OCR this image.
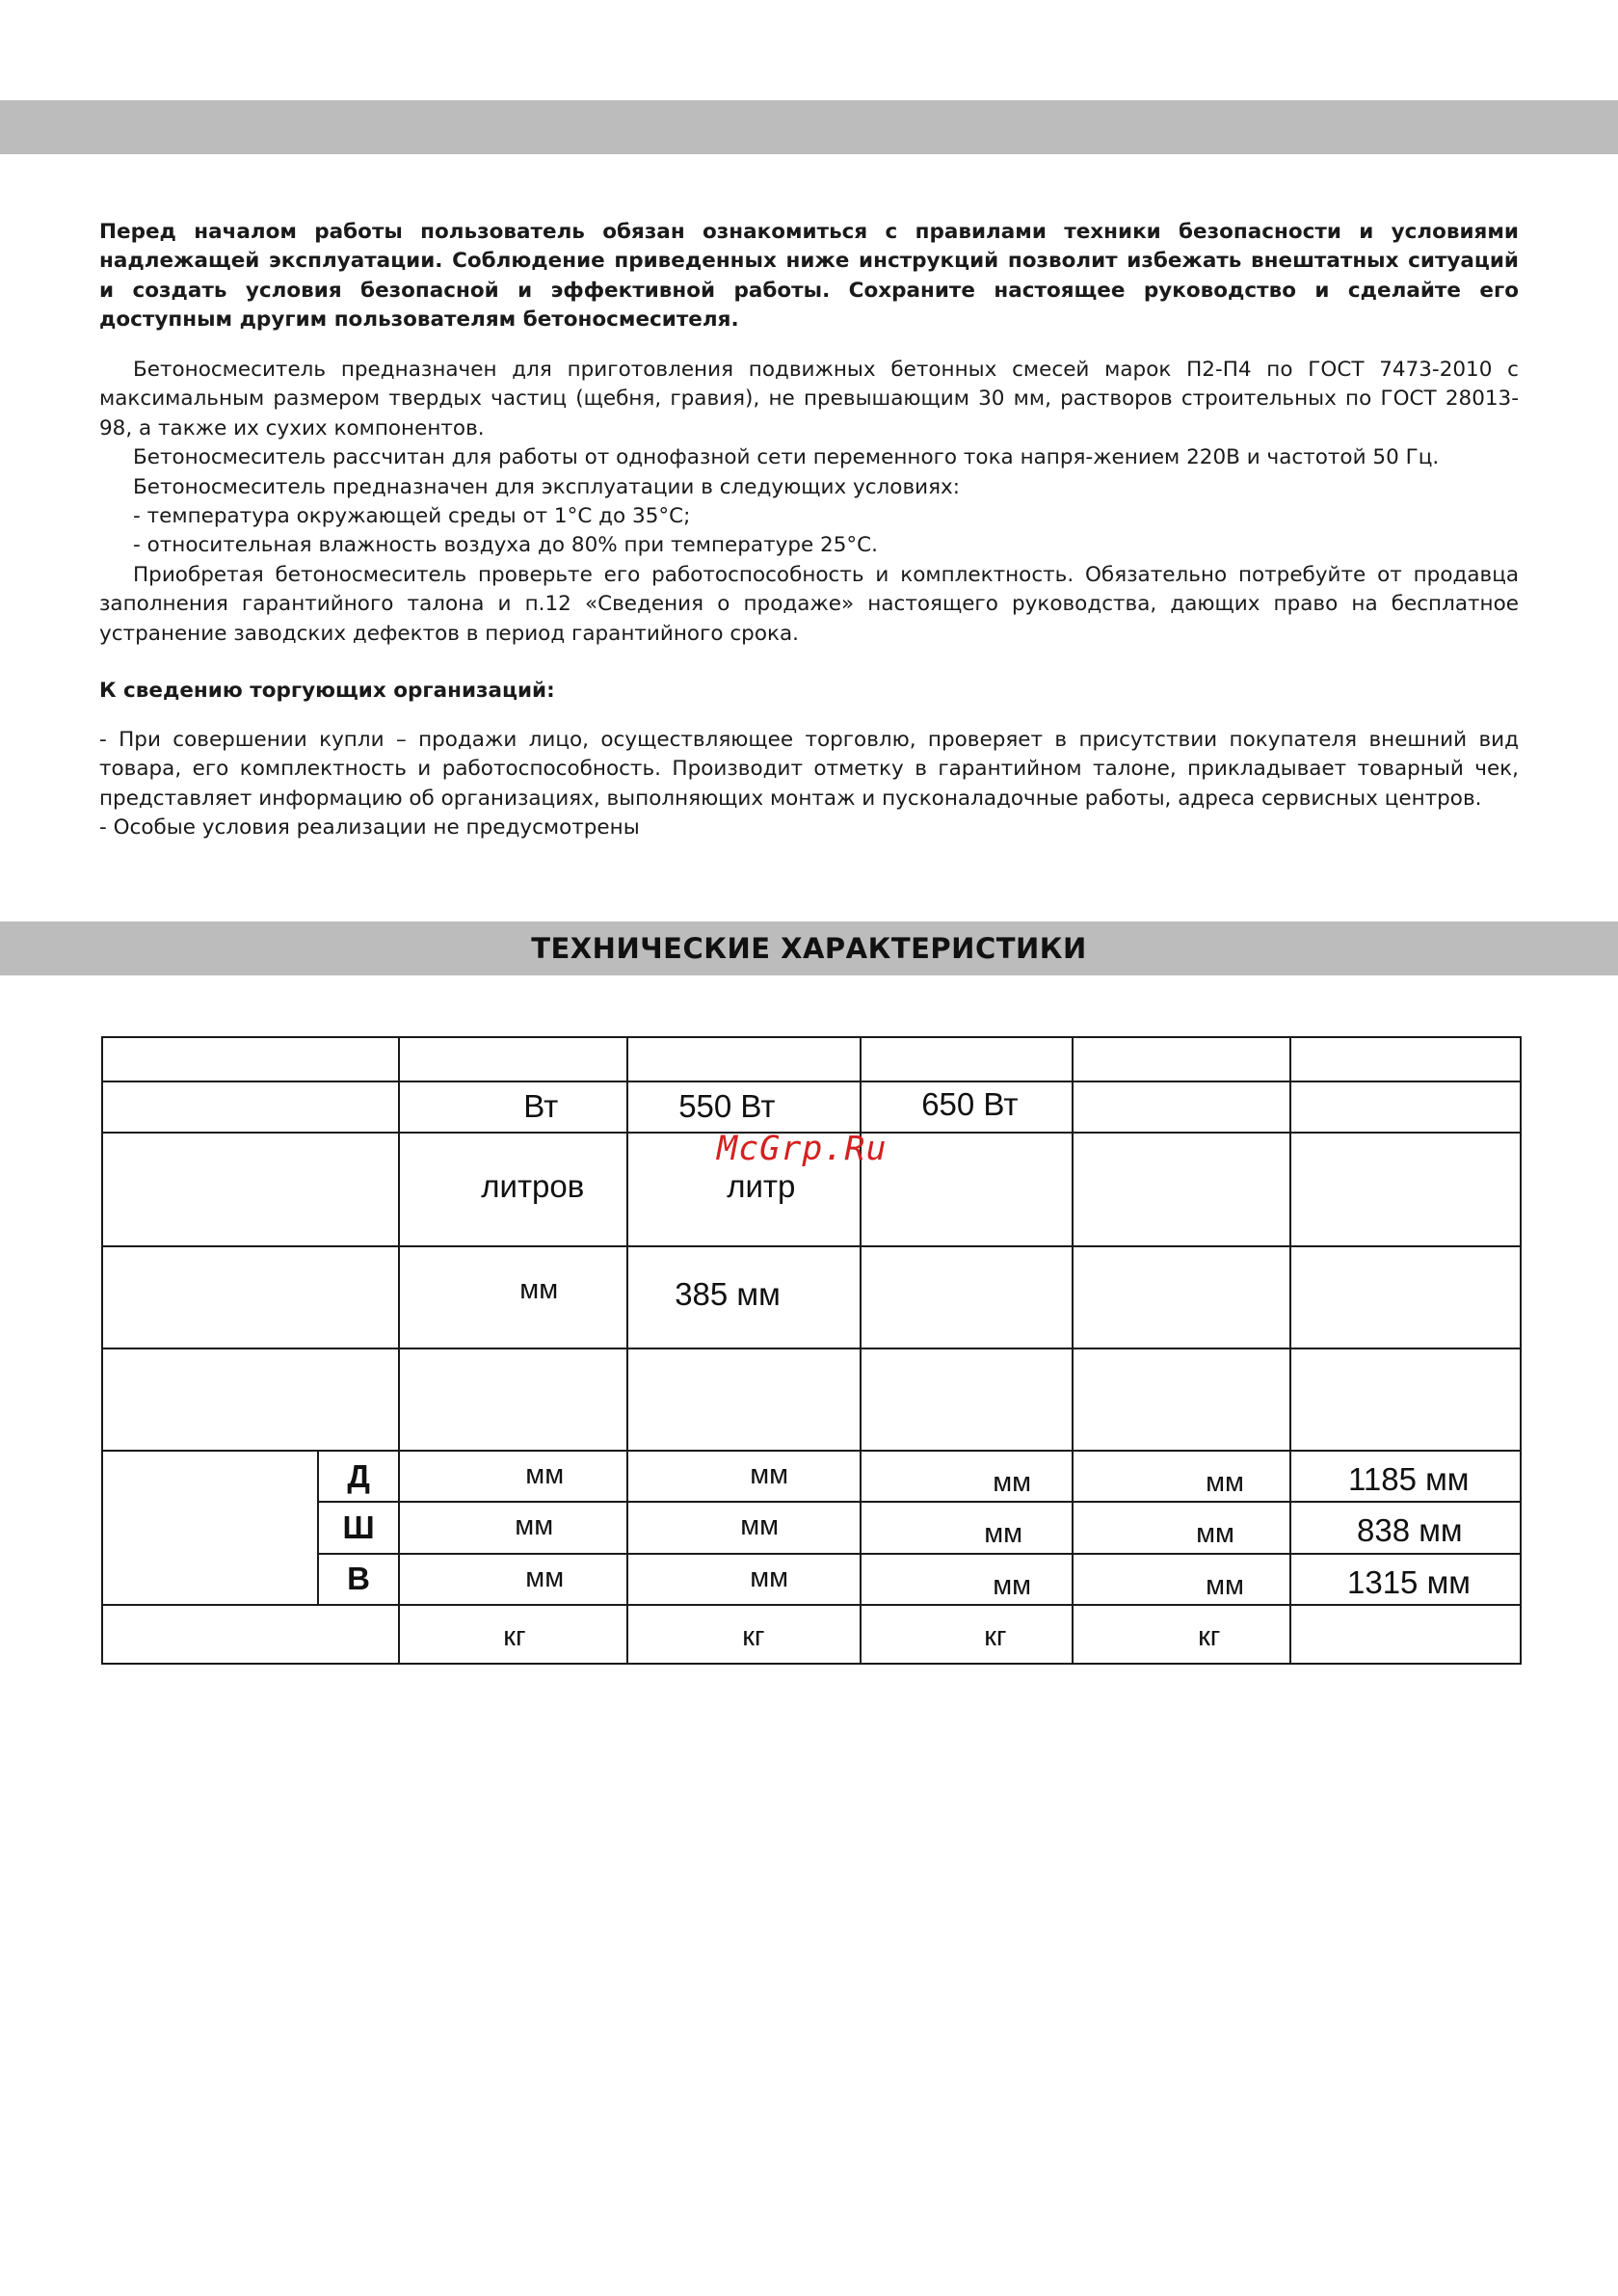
Перед началом работы пользователь обязан ознакомиться с правилами техники безопасности и условиями надлежащей эксплуатации. Соблюдение приведенных ниже инструкций позволит избежать внештатных ситуаций и создать условия безопасной и эффективной работы. Сохраните настоящее руководство и сделайте его доступным другим пользователям бетоносмесителя.

Бетоносмеситель предназначен для приготовления подвижных бетонных смесей марок П2-П4 по ГОСТ 7473-2010 с максимальным размером твердых частиц (щебня, гравия), не превышающим 30 мм, растворов строительных по ГОСТ 28013-98, а также их сухих компонентов.

Бетоносмеситель рассчитан для работы от однофазной сети переменного тока напря-жением 220В и частотой 50 Гц.

Бетоносмеситель предназначен для эксплуатации в следующих условиях:

- температура окружающей среды от 1°С до 35°С;

- относительная влажность воздуха до 80% при температуре 25°С.

Приобретая бетоносмеситель проверьте его работоспособность и комплектность. Обязательно потребуйте от продавца заполнения гарантийного талона и п.12 «Сведения о продаже» настоящего руководства, дающих право на бесплатное устранение заводских дефектов в период гарантийного срока.

К сведению торгующих организаций:

- При совершении купли – продажи лицо, осуществляющее торговлю, проверяет в присутствии покупателя внешний вид товара, его комплектность и работоспособность. Производит отметку в гарантийном талоне, прикладывает товарный чек, представляет информацию об организациях, выполняющих монтаж и пусконаладочные работы, адреса сервисных центров.

- Особые условия реализации не предусмотрены

ТЕХНИЧЕСКИЕ ХАРАКТЕРИСТИКИ

		Вт	550 Вт	650 Вт		

		литров	литр			

		мм	385 мм			

	Д	мм	мм	мм	мм	1185 мм

	Ш	мм	мм	мм	мм	838 мм

	В	мм	мм	мм	мм	1315 мм

		кг	кг	кг	кг	

McGrp.Ru
